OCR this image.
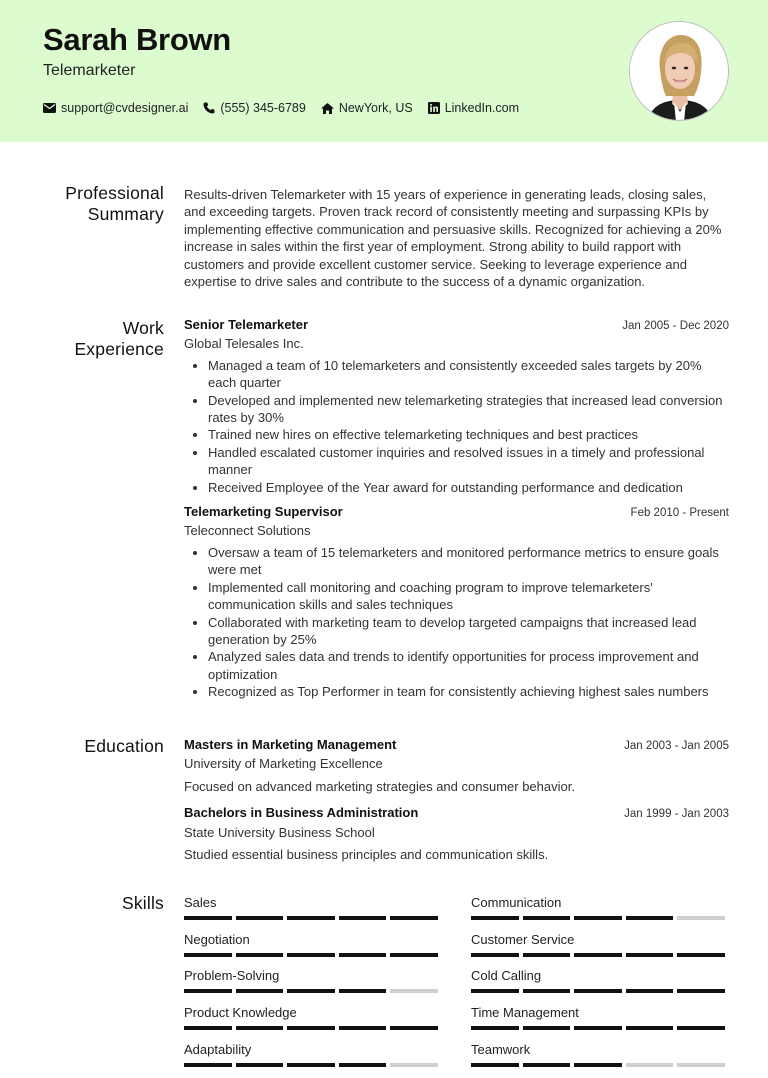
Sarah Brown
Telemarketer
support@cvdesigner.ai	(555) 345-6789	NewYork, US	LinkedIn.com
Professional Summary
Results-driven Telemarketer with 15 years of experience in generating leads, closing sales, and exceeding targets. Proven track record of consistently meeting and surpassing KPIs by implementing effective communication and persuasive skills. Recognized for achieving a 20% increase in sales within the first year of employment. Strong ability to build rapport with customers and provide excellent customer service. Seeking to leverage experience and expertise to drive sales and contribute to the success of a dynamic organization.
Work Experience
Senior Telemarketer	Jan 2005 - Dec 2020
Global Telesales Inc.
Managed a team of 10 telemarketers and consistently exceeded sales targets by 20% each quarter
Developed and implemented new telemarketing strategies that increased lead conversion rates by 30%
Trained new hires on effective telemarketing techniques and best practices
Handled escalated customer inquiries and resolved issues in a timely and professional manner
Received Employee of the Year award for outstanding performance and dedication
Telemarketing Supervisor	Feb 2010 - Present
Teleconnect Solutions
Oversaw a team of 15 telemarketers and monitored performance metrics to ensure goals were met
Implemented call monitoring and coaching program to improve telemarketers' communication skills and sales techniques
Collaborated with marketing team to develop targeted campaigns that increased lead generation by 25%
Analyzed sales data and trends to identify opportunities for process improvement and optimization
Recognized as Top Performer in team for consistently achieving highest sales numbers
Education Masters in Marketing Management	Jan 2003 - Jan 2005
University of Marketing Excellence
Focused on advanced marketing strategies and consumer behavior.
Bachelors in Business Administration	Jan 1999 - Jan 2003
State University Business School
Studied essential business principles and communication skills.
Skills Sales	Communication
Negotiation	Customer Service
Problem-Solving	Cold Calling
Product Knowledge	Time Management
Adaptability	Teamwork
